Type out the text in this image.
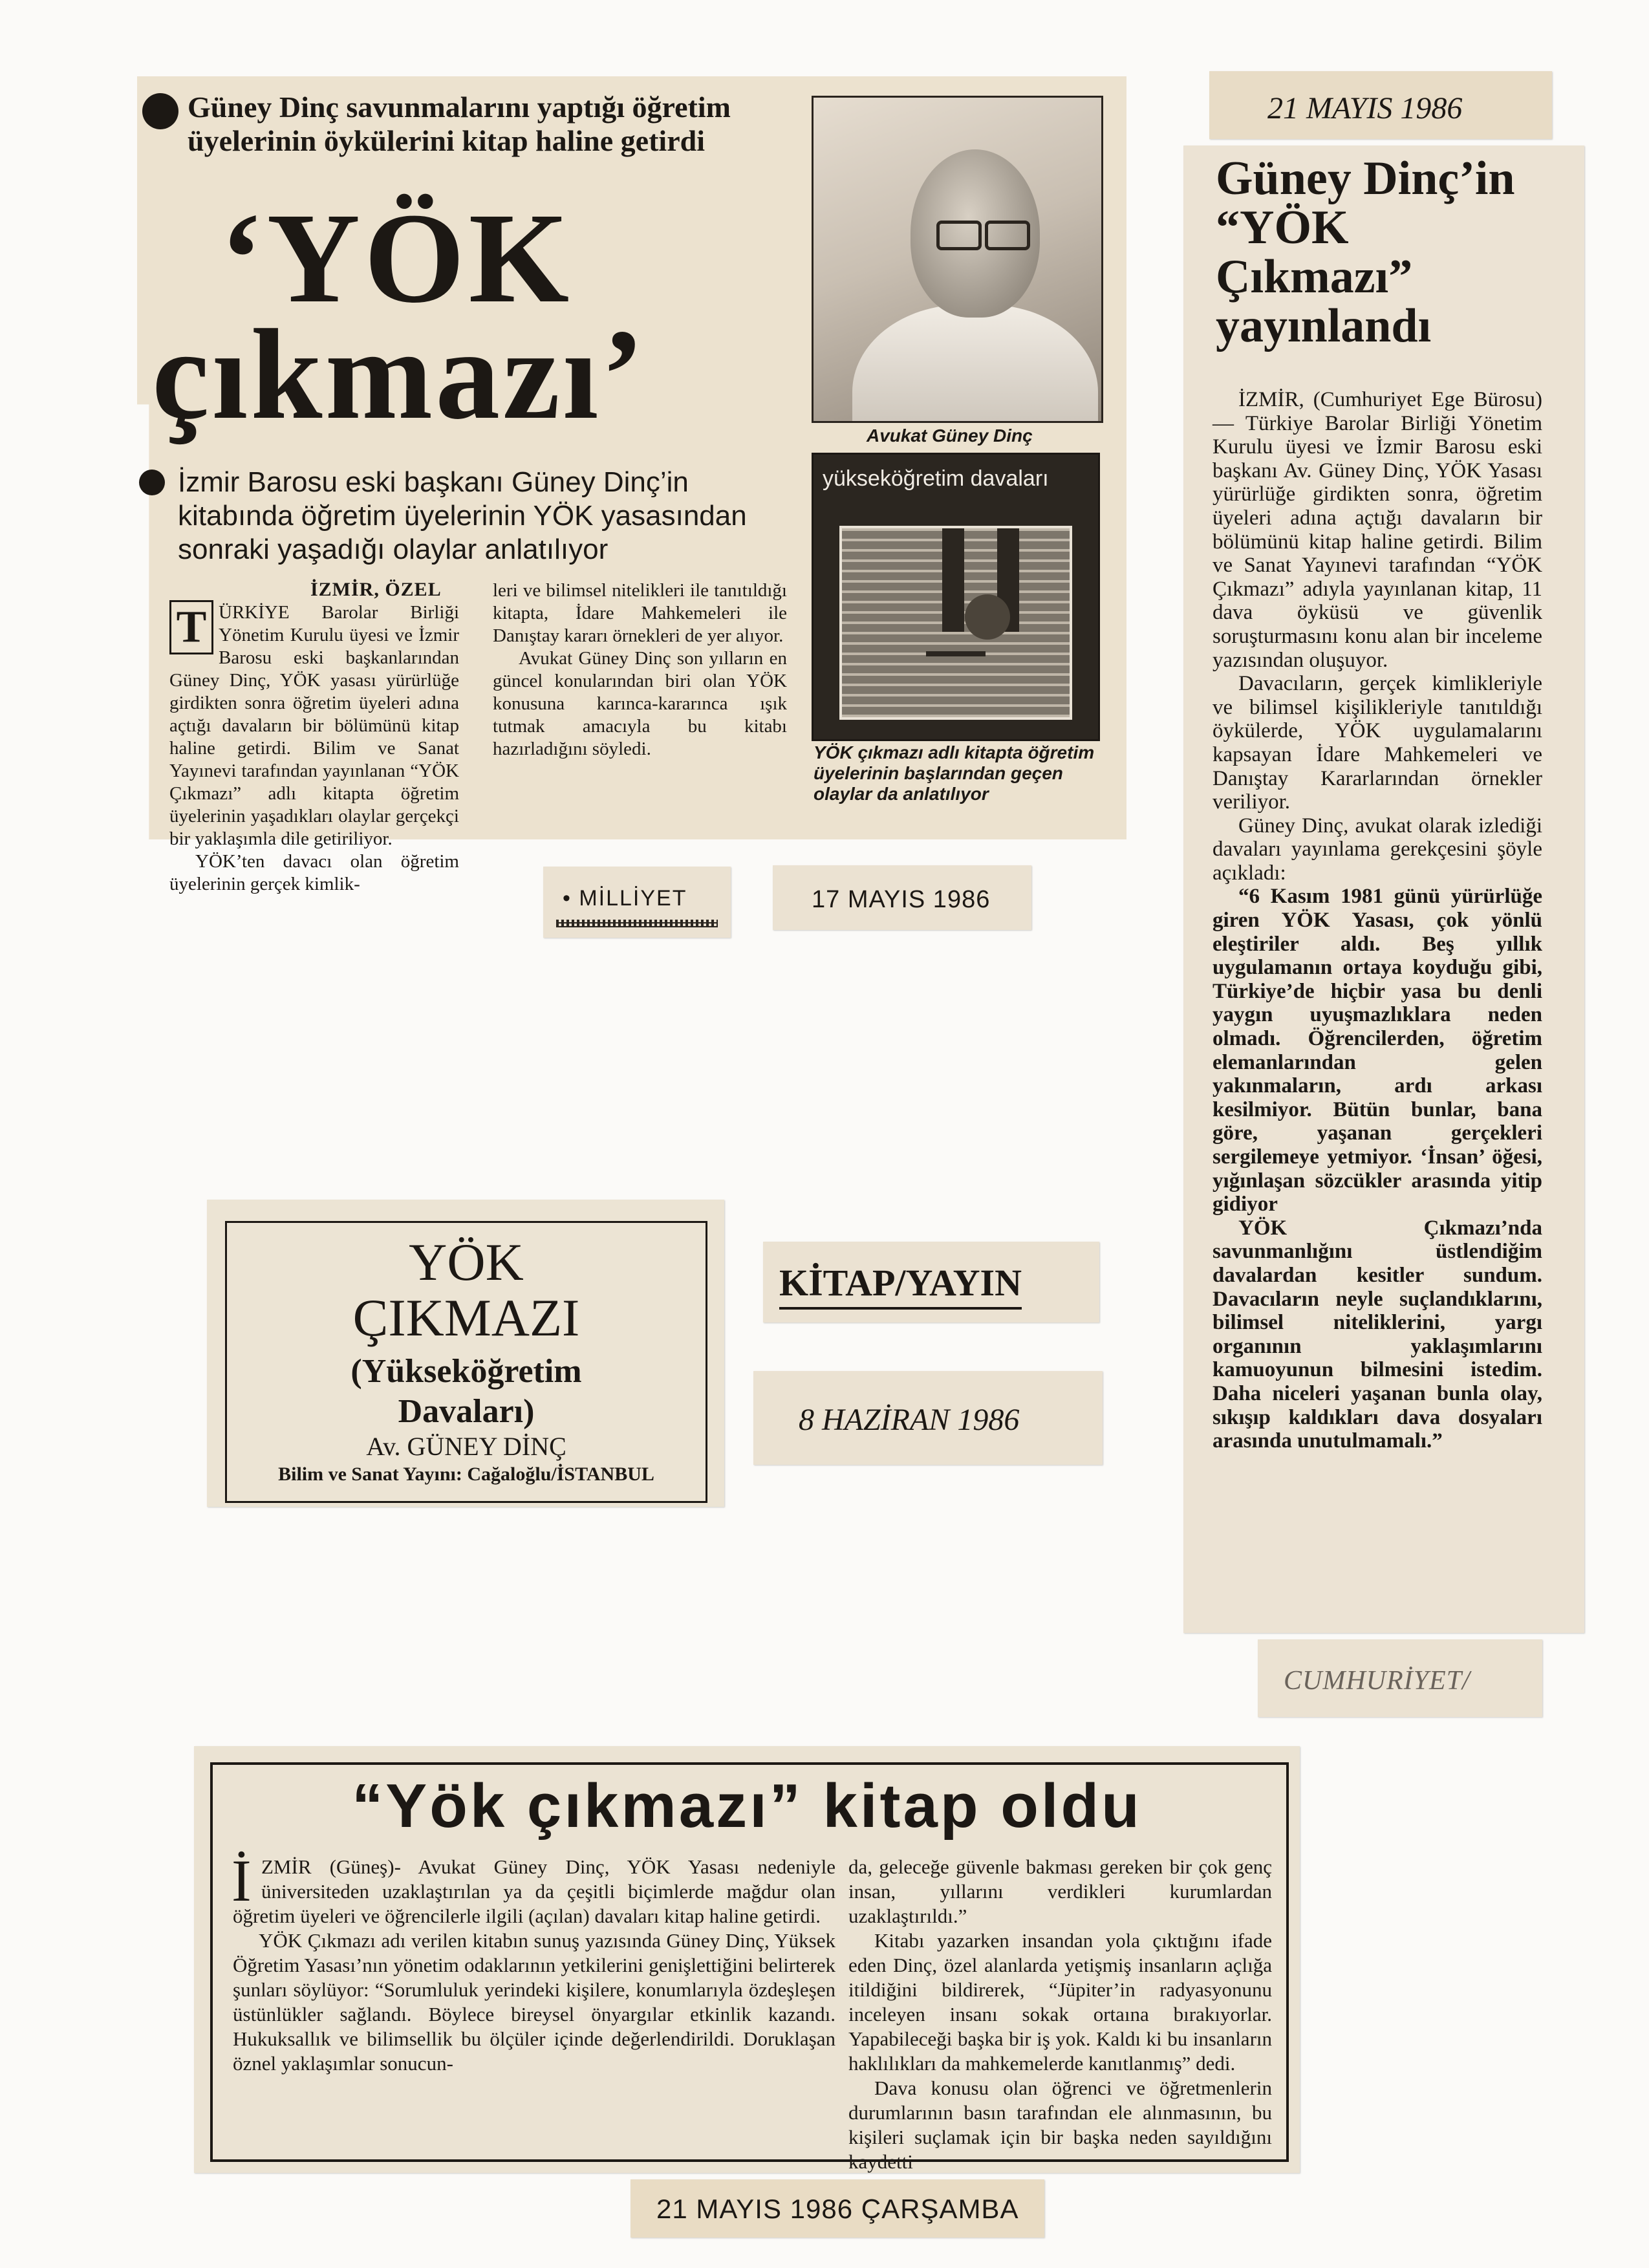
Güney Dinç savunmalarını yaptığı öğretim üyelerinin öykülerini kitap haline getirdi
‘YÖK
çıkmazı’
İzmir Barosu eski başkanı Güney Dinç’in kitabında öğretim üyelerinin YÖK yasasından sonraki yaşadığı olaylar anlatılıyor
İZMİR, ÖZEL
T ÜRKİYE Barolar Birliği Yönetim Kurulu üyesi ve İzmir Barosu eski başkanlarından Güney Dinç, YÖK yasası yürürlüğe girdikten sonra öğretim üyeleri adına açtığı davaların bir bölümünü kitap haline getirdi. Bilim ve Sanat Yayınevi tarafından yayınlanan “YÖK Çıkmazı” adlı kitapta öğretim üyelerinin yaşadıkları olaylar gerçekçi bir yaklaşımla dile getiriliyor.
YÖK’ten davacı olan öğretim üyelerinin gerçek kimlik-
leri ve bilimsel nitelikleri ile tanıtıldığı kitapta, İdare Mahkemeleri ile Danıştay kararı örnekleri de yer alıyor.
Avukat Güney Dinç son yılların en güncel konularından biri olan YÖK konusuna karınca-kararınca ışık tutmak amacıyla bu kitabı hazırladığını söyledi.
Avukat Güney Dinç
yükseköğretim davaları
YÖK çıkmazı adlı kitapta öğretim üyelerinin başlarından geçen olaylar da anlatılıyor
• MİLLİYET	17 MAYIS 1986
21 MAYIS 1986
Güney Dinç’in “YÖK Çıkmazı” yayınlandı

İZMİR, (Cumhuriyet Ege Bürosu) — Türkiye Barolar Birliği Yönetim Kurulu üyesi ve İzmir Barosu eski başkanı Av. Güney Dinç, YÖK Yasası yürürlüğe girdikten sonra, öğretim üyeleri adına açtığı davaların bir bölümünü kitap haline getirdi. Bilim ve Sanat Yayınevi tarafından “YÖK Çıkmazı” adıyla yayınlanan kitap, 11 dava öyküsü ve güvenlik soruşturmasını konu alan bir inceleme yazısından oluşuyor.

Davacıların, gerçek kimlikleriyle ve bilimsel kişilikleriyle tanıtıldığı öykülerde, YÖK uygulamalarını kapsayan İdare Mahkemeleri ve Danıştay Kararlarından örnekler veriliyor.

Güney Dinç, avukat olarak izlediği davaları yayınlama gerekçesini şöyle açıkladı:

“6 Kasım 1981 günü yürürlüğe giren YÖK Yasası, çok yönlü eleştiriler aldı. Beş yıllık uygulamanın ortaya koyduğu gibi, Türkiye’de hiçbir yasa bu denli yaygın uyuşmazlıklara neden olmadı. Öğrencilerden, öğretim elemanlarından gelen yakınmaların, ardı arkası kesilmiyor. Bütün bunlar, bana göre, yaşanan gerçekleri sergilemeye yetmiyor. ‘İnsan’ öğesi, yığınlaşan sözcükler arasında yitip gidiyor

YÖK Çıkmazı’nda savunmanlığını üstlendiğim davalardan kesitler sundum. Davacıların neyle suçlandıklarını, bilimsel niteliklerini, yargı organının yaklaşımlarını kamuoyunun bilmesini istedim. Daha niceleri yaşanan bunla olay, sıkışıp kaldıkları dava dosyaları arasında unutulmamalı.”

CUMHURİYET/
YÖK
ÇIKMAZI
(Yükseköğretim
Davaları)
Av. GÜNEY DİNÇ
Bilim ve Sanat Yayını: Cağaloğlu/İSTANBUL
KİTAP/YAYIN
8 HAZİRAN 1986
“Yök çıkmazı” kitap oldu
İ ZMİR (Güneş)- Avukat Güney Dinç, YÖK Yasası nedeniyle üniversiteden uzaklaştırılan ya da çeşitli biçimlerde mağdur olan öğretim üyeleri ve öğrencilerle ilgili (açılan) davaları kitap haline getirdi.
YÖK Çıkmazı adı verilen kitabın sunuş yazısında Güney Dinç, Yüksek Öğretim Yasası’nın yönetim odaklarının yetkilerini genişlettiğini belirterek şunları söylüyor: “Sorumluluk yerindeki kişilere, konumlarıyla özdeşleşen üstünlükler sağlandı. Böylece bireysel önyargılar etkinlik kazandı. Hukuksallık ve bilimsellik bu ölçüler içinde değerlendirildi. Doruklaşan öznel yaklaşımlar sonucun-
da, geleceğe güvenle bakması gereken bir çok genç insan, yıllarını verdikleri kurumlardan uzaklaştırıldı.”
Kitabı yazarken insandan yola çıktığını ifade eden Dinç, özel alanlarda yetişmiş insanların açlığa itildiğini bildirerek, “Jüpiter’in radyasyonunu inceleyen insanı sokak ortaına bırakıyorlar. Yapabileceği başka bir iş yok. Kaldı ki bu insanların haklılıkları da mahkemelerde kanıtlanmış” dedi.
Dava konusu olan öğrenci ve öğretmenlerin durumlarının basın tarafından ele alınmasının, bu kişileri suçlamak için bir başka neden sayıldığını kaydetti
21 MAYIS 1986 ÇARŞAMBA
